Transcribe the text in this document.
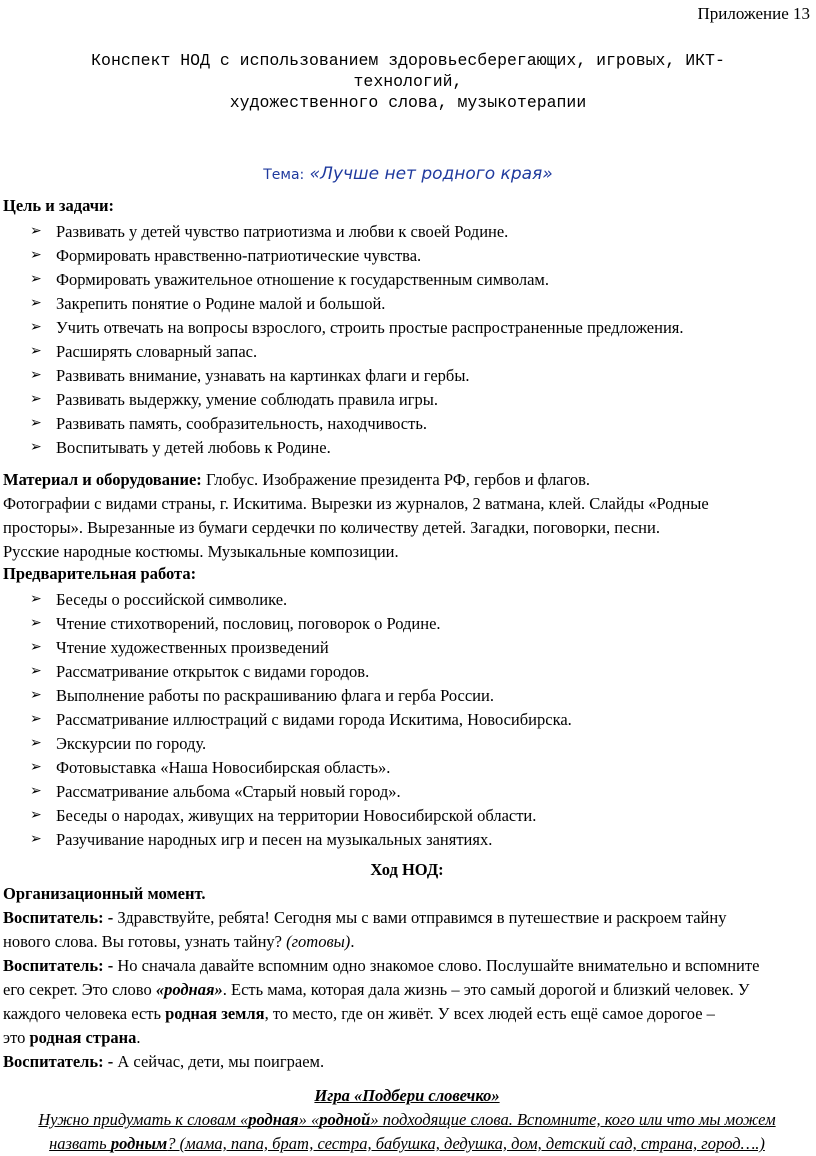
Приложение 13
Конспект НОД с использованием здоровьесберегающих, игровых, ИКТ-
технологий,
художественного слова, музыкотерапии
Тема: «Лучше нет родного края»
Цель и задачи:
➢ Развивать у детей чувство патриотизма и любви к своей Родине.
➢ Формировать нравственно-патриотические чувства.
➢ Формировать уважительное отношение к государственным символам.
➢ Закрепить понятие о Родине малой и большой.
➢ Учить отвечать на вопросы взрослого, строить простые распространенные предложения.
➢ Расширять словарный запас.
➢ Развивать внимание, узнавать на картинках флаги и гербы.
➢ Развивать выдержку, умение соблюдать правила игры.
➢ Развивать память, сообразительность, находчивость.
➢ Воспитывать у детей любовь к Родине.
Материал и оборудование: Глобус. Изображение президента РФ, гербов и флагов.
Фотографии с видами страны, г. Искитима. Вырезки из журналов, 2 ватмана, клей. Слайды «Родные
просторы». Вырезанные из бумаги сердечки по количеству детей. Загадки, поговорки, песни.
Русские народные костюмы. Музыкальные композиции.
Предварительная работа:
➢ Беседы о российской символике.
➢ Чтение стихотворений, пословиц, поговорок о Родине.
➢ Чтение художественных произведений
➢ Рассматривание открыток с видами городов.
➢ Выполнение работы по раскрашиванию флага и герба России.
➢ Рассматривание иллюстраций с видами города Искитима, Новосибирска.
➢ Экскурсии по городу.
➢ Фотовыставка «Наша Новосибирская область».
➢ Рассматривание альбома «Старый новый город».
➢ Беседы о народах, живущих на территории Новосибирской области.
➢ Разучивание народных игр и песен на музыкальных занятиях.
Ход НОД:
Организационный момент.
Воспитатель: - Здравствуйте, ребята! Сегодня мы с вами отправимся в путешествие и раскроем тайну
нового слова. Вы готовы, узнать тайну? (готовы).
Воспитатель: - Но сначала давайте вспомним одно знакомое слово. Послушайте внимательно и вспомните
его секрет. Это слово «родная». Есть мама, которая дала жизнь – это самый дорогой и близкий человек. У
каждого человека есть родная земля, то место, где он живёт. У всех людей есть ещё самое дорогое –
это родная страна.
Воспитатель: - А сейчас, дети, мы поиграем.
Игра «Подбери словечко»
Нужно придумать к словам «родная» «родной» подходящие слова. Вспомните, кого или что мы можем
назвать родным? (мама, папа, брат, сестра, бабушка, дедушка, дом, детский сад, страна, город….)
